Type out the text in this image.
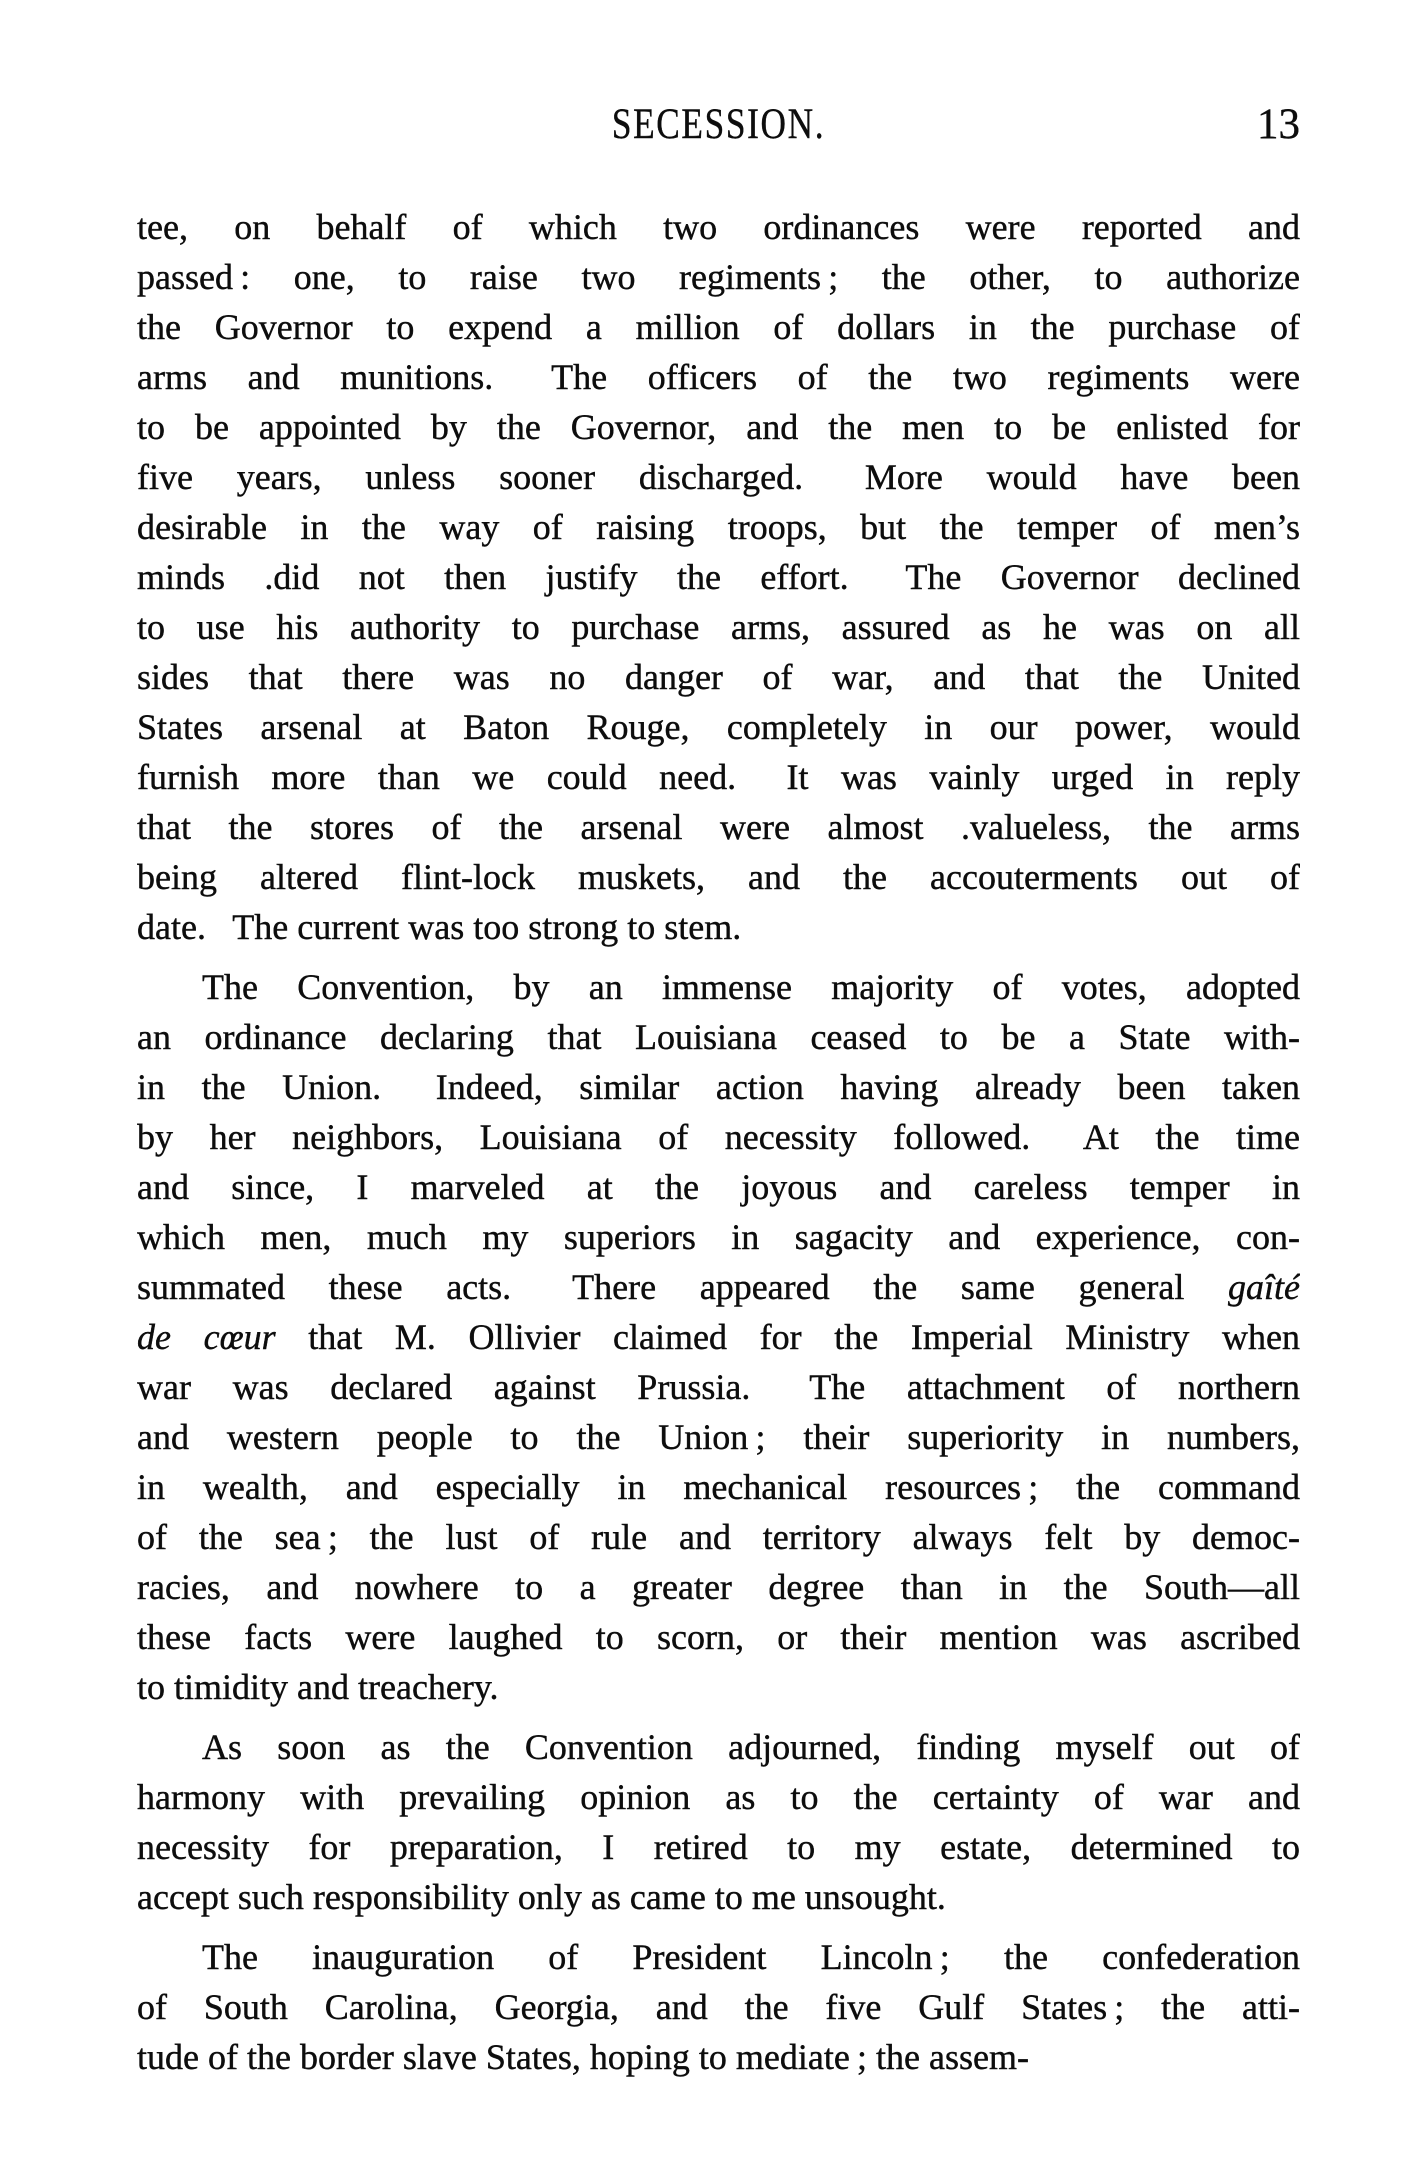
SECESSION.	13
tee, on behalf of which two ordinances were reported and
passed : one, to raise two regiments ; the other, to authorize
the Governor to expend a million of dollars in the purchase of
arms and munitions.  The officers of the two regiments were
to be appointed by the Governor, and the men to be enlisted for
five years, unless sooner discharged.  More would have been
desirable in the way of raising troops, but the temper of men’s
minds .did not then justify the effort.  The Governor declined
to use his authority to purchase arms, assured as he was on all
sides that there was no danger of war, and that the United
States arsenal at Baton Rouge, completely in our power, would
furnish more than we could need.  It was vainly urged in reply
that the stores of the arsenal were almost .valueless, the arms
being altered flint-lock muskets, and the accouterments out of
date.  The current was too strong to stem.
The Convention, by an immense majority of votes, adopted
an ordinance declaring that Louisiana ceased to be a State with-
in the Union.  Indeed, similar action having already been taken
by her neighbors, Louisiana of necessity followed.  At the time
and since, I marveled at the joyous and careless temper in
which men, much my superiors in sagacity and experience, con-
summated these acts.  There appeared the same general gaîté
de cœur that M. Ollivier claimed for the Imperial Ministry when
war was declared against Prussia.  The attachment of northern
and western people to the Union ; their superiority in numbers,
in wealth, and especially in mechanical resources ; the command
of the sea ; the lust of rule and territory always felt by democ-
racies, and nowhere to a greater degree than in the South—all
these facts were laughed to scorn, or their mention was ascribed
to timidity and treachery.
As soon as the Convention adjourned, finding myself out of
harmony with prevailing opinion as to the certainty of war and
necessity for preparation, I retired to my estate, determined to
accept such responsibility only as came to me unsought.
The inauguration of President Lincoln ; the confederation
of South Carolina, Georgia, and the five Gulf States ; the atti-
tude of the border slave States, hoping to mediate ; the assem-
